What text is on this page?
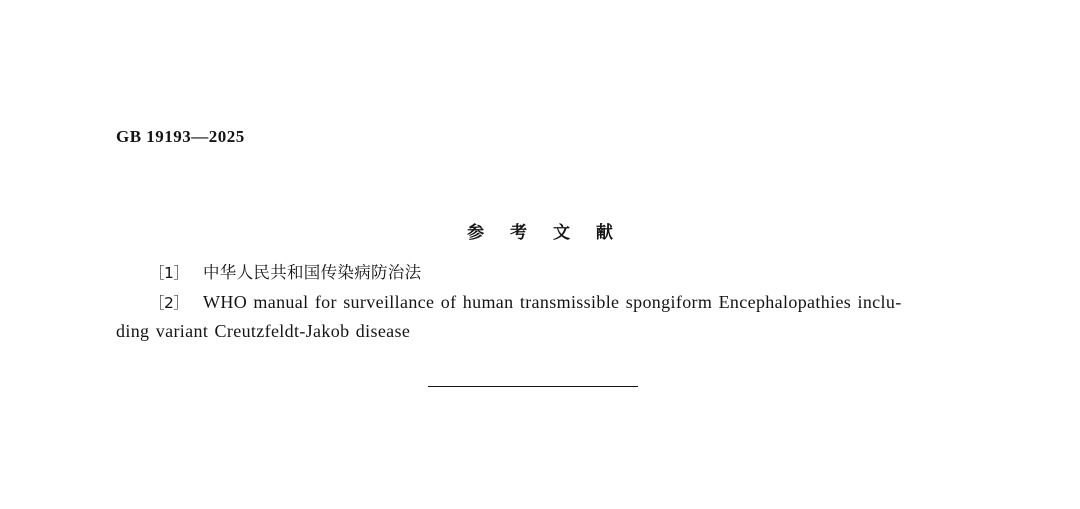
GB 19193—2025
参 考 文 献
［1］ 中华人民共和国传染病防治法
［2］ WHO manual for surveillance of human transmissible spongiform Encephalopathies inclu-
ding variant Creutzfeldt-Jakob disease
